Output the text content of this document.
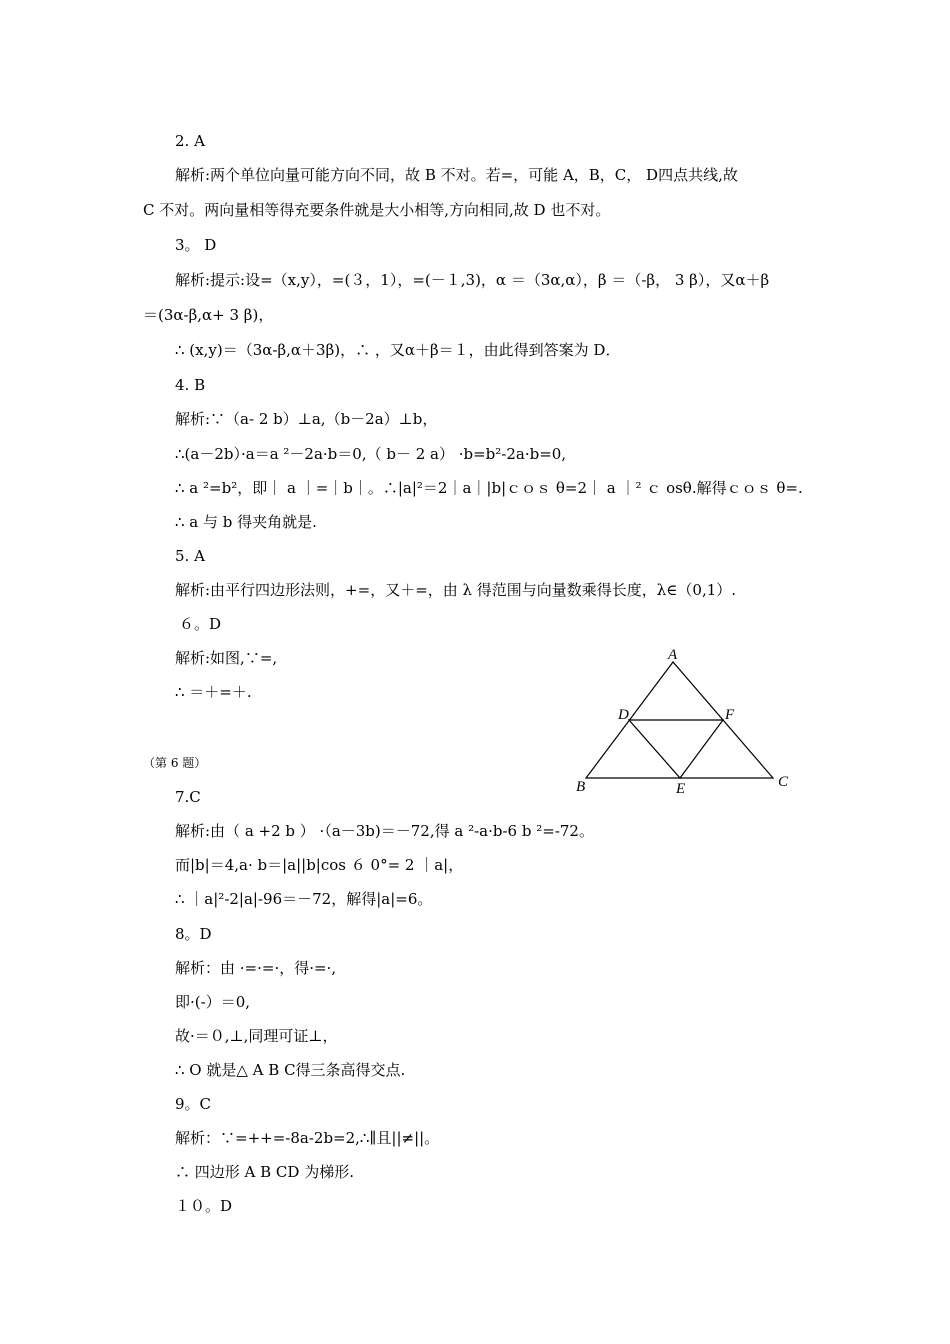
2. A
解析:两个单位向量可能方向不同，故 B 不对。若=，可能 A，B，C， D四点共线,故
C 不对。两向量相等得充要条件就是大小相等,方向相同,故 D 也不对。
3。 D
解析:提示:设=（x,y），=(３，1），=(－１,3)，α ＝（3α,α），β ＝（-β， 3 β），又α＋β
＝(3α-β,α+ 3 β)，
∴ (x,y)＝（3α-β,α＋3β)，∴ ，又α＋β＝１，由此得到答案为 D．
4. B
解析:∵（a- 2 b）⊥a,（b－2a）⊥b，
∴(a－2b）·a＝a ²－2a·b＝0,（ b－ 2 a） ·b=b²-2a·b=0,
∴ a ²=b²，即｜ a ｜=｜b｜。∴|a|²＝2｜a｜|b|ｃｏｓ θ=2｜ a ｜² ｃ osθ.解得ｃｏｓ θ=.
∴ a 与 b 得夹角就是.
5. A
解析:由平行四边形法则，+=，又＋=，由 λ 得范围与向量数乘得长度，λ∈（0,1）.
６。D
解析:如图,∵=,
∴ ＝＋=＋.
（第 6 题）
7.C
解析:由（ a +2 b ） ·（a－3b)＝－72,得 a ²-a·b-6 b ²=-72。
而|b|＝4,a· b＝|a||b|cos ６ 0°= 2 ｜a|，
∴ ｜a|²-2|a|-96＝－72，解得|a|=6。
8。D
解析：由 ·=·=·，得·=·,
即·(-）＝0,
故·＝０,⊥,同理可证⊥，
∴ O 就是△ A B C得三条高得交点.
9。C
解析：∵=++=-8a-2b=2,∴∥且||≠||。
∴ 四边形 A B CD 为梯形.
１０。D
A
D	F
B	E	C
